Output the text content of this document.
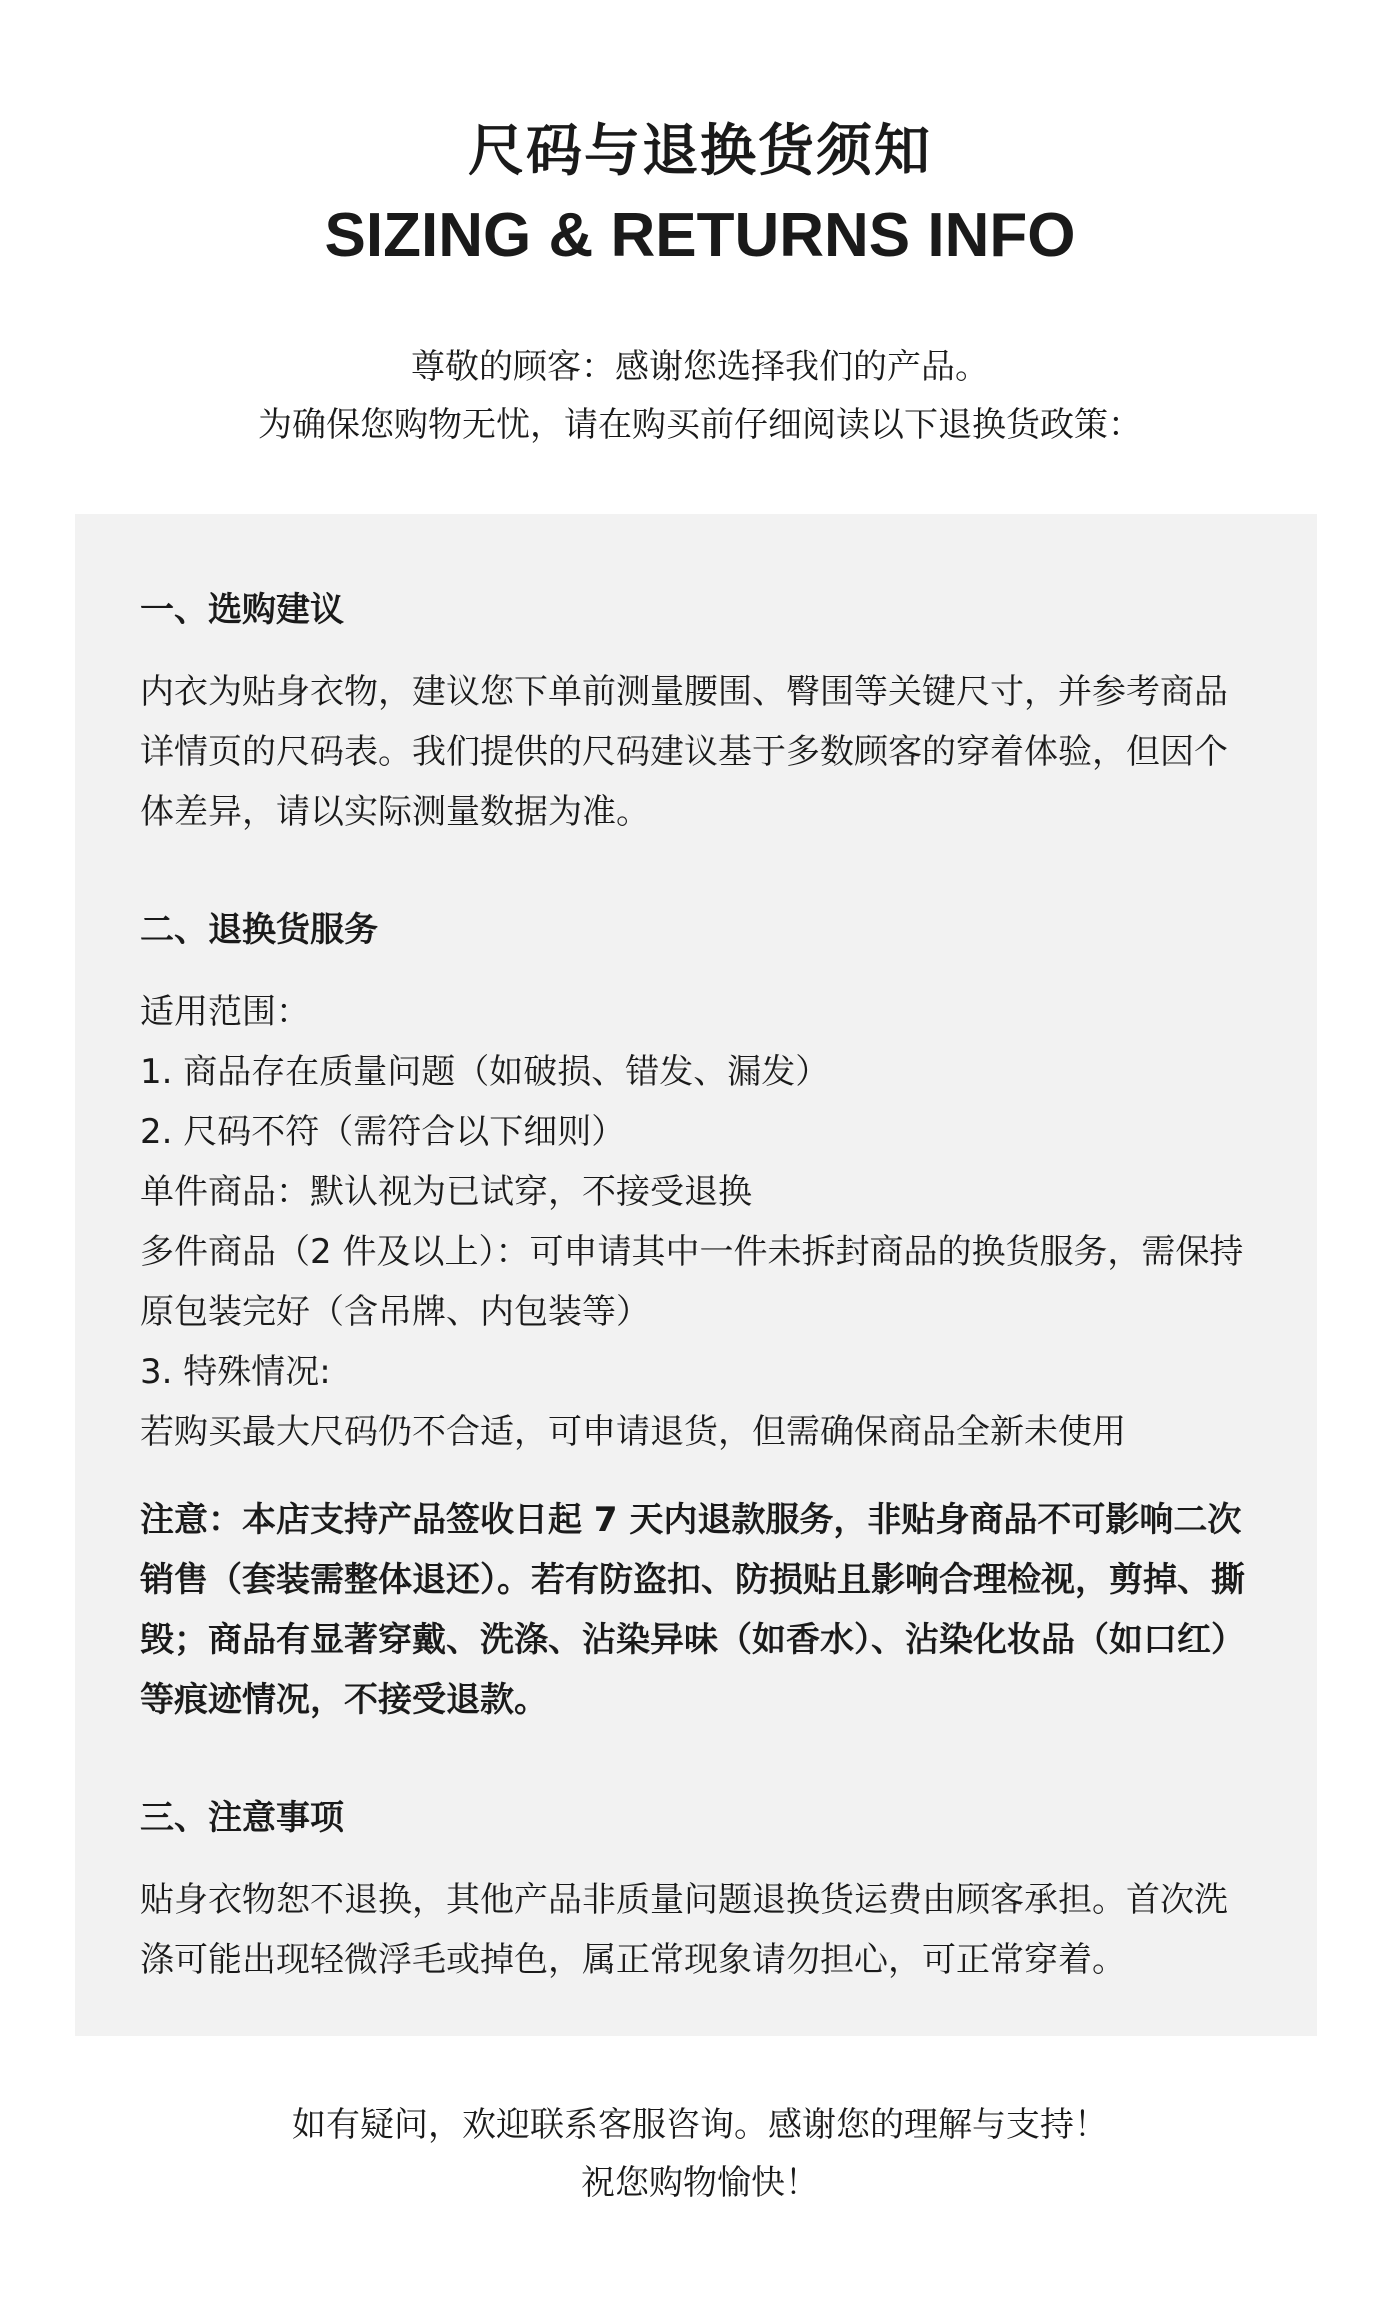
尺码与退换货须知
SIZING & RETURNS INFO

尊敬的顾客：感谢您选择我们的产品。

为确保您购物无忧，请在购买前仔细阅读以下退换货政策：

一、选购建议

内衣为贴身衣物，建议您下单前测量腰围、臀围等关键尺寸，并参考商品详情页的尺码表。我们提供的尺码建议基于多数顾客的穿着体验，但因个体差异，请以实际测量数据为准。

二、退换货服务

适用范围：

1. 商品存在质量问题（如破损、错发、漏发）

2. 尺码不符（需符合以下细则）

单件商品：默认视为已试穿，不接受退换

多件商品（2 件及以上）：可申请其中一件未拆封商品的换货服务，需保持原包装完好（含吊牌、内包装等）

3. 特殊情况:

若购买最大尺码仍不合适，可申请退货，但需确保商品全新未使用

注意：本店支持产品签收日起 7 天内退款服务，非贴身商品不可影响二次销售（套装需整体退还）。若有防盗扣、防损贴且影响合理检视，剪掉、撕毁；商品有显著穿戴、洗涤、沾染异味（如香水）、沾染化妆品（如口红）等痕迹情况，不接受退款。

三、注意事项

贴身衣物恕不退换，其他产品非质量问题退换货运费由顾客承担。首次洗涤可能出现轻微浮毛或掉色，属正常现象请勿担心，可正常穿着。

如有疑问，欢迎联系客服咨询。感谢您的理解与支持！

祝您购物愉快！
